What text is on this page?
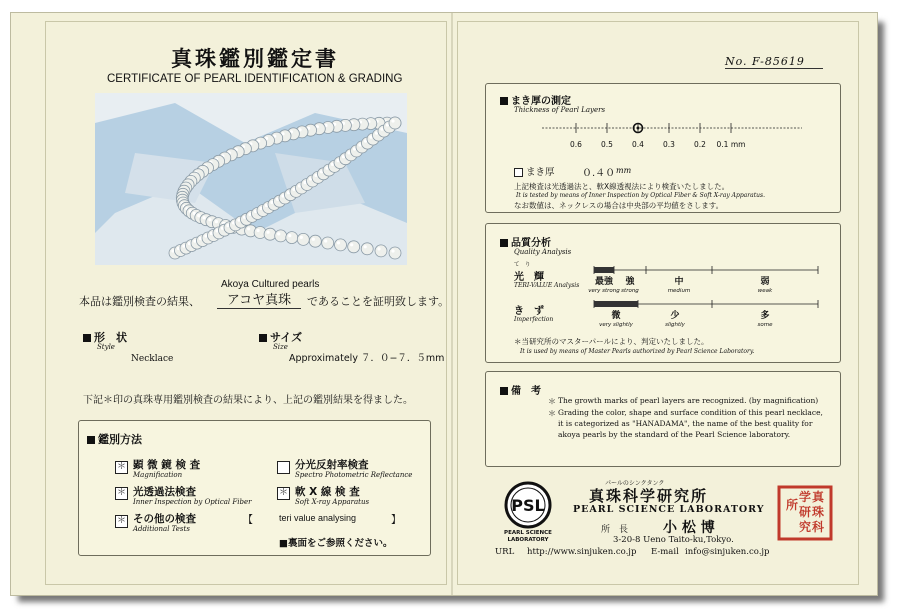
真珠鑑別鑑定書
CERTIFICATE OF PEARL IDENTIFICATION & GRADING
Akoya Cultured pearls
本品は鑑別検査の結果、	アコヤ真珠	であることを証明致します。
形　状
Style
Necklace
サイズ
Size
Approximately ７．０−７．５mm
下記＊印の真珠専用鑑別検査の結果により、上記の鑑別結果を得ました。
鑑別方法
＊ 顕 微 鏡 検 査
Magnification
＊ 光透過法検査
Inner Inspection by Optical Fiber
＊ その他の検査
Additional Tests
【	teri value analysing	】
分光反射率検査
Spectro Photometric Reflectance
＊ 軟 X 線 検 査
Soft X-ray Apparatus
■裏面をご参照ください。
No. F-85619
まき厚の測定
Thickness of Pearl Layers
0.6	0.5	0.4	0.3	0.2 0.1 mm
まき厚	０.４０ mm
上記検査は光透過法と、軟X線透視法により検査いたしました。
It is tested by means of Inner Inspection by Optical Fiber & Soft X-ray Apparatus.
なお数値は、ネックレスの場合は中央部の平均値をさします。
品質分析
Quality Analysis
て　り
光　輝
TERI-VALUE Analysis
き　ず
Imperfection
最強
very strong
強
strong
中
medium
弱
weak
微
very slightly
少
slightly
多
some
＊当研究所のマスターパールにより、判定いたしました。
It is used by means of Master Pearls authorized by Pearl Science Laboratory.
備　考
＊ The growth marks of pearl layers are recognized. (by magnification)
＊ Grading the color, shape and surface condition of this pearl necklace,
it is categorized as "HANADAMA", the name of the best quality for
akoya pearls by the standard of the Pearl Science laboratory.
PSL
PEARL SCIENCE
LABORATORY
パールのシンクタンク
真珠科学研究所
PEARL SCIENCE LABORATORY
所　長 小 松 博
3-20-8 Ueno Taito-ku,Tokyo.
URL http://www.sinjuken.co.jp E-mail info@sinjuken.co.jp
真
珠
科
学
研
究
所
